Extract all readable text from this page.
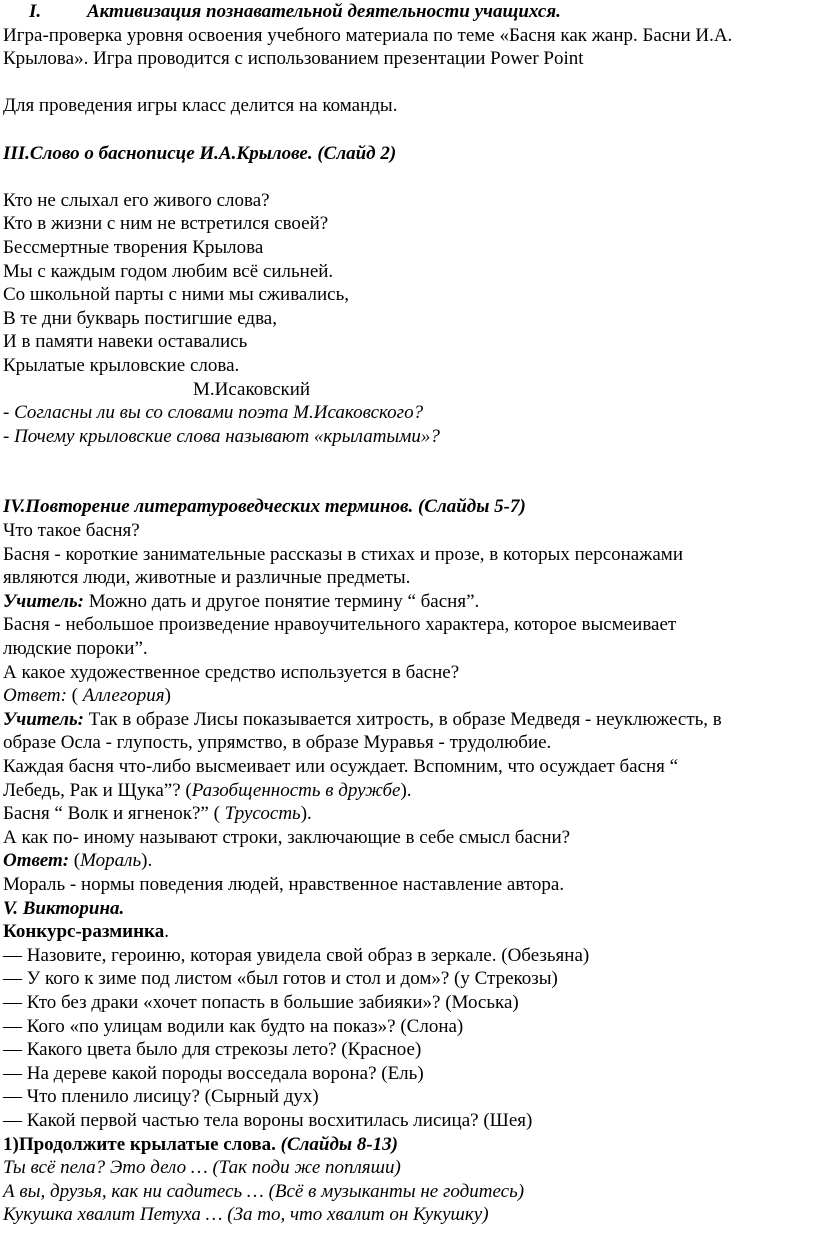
I. Активизация познавательной деятельности учащихся.
Игра-проверка уровня освоения учебного материала по теме «Басня как жанр. Басни И.А.
Крылова». Игра проводится с использованием презентации Power Point
Для проведения игры класс делится на команды.
III.Слово о баснописце И.А.Крылове. (Слайд 2)
Кто не слыхал его живого слова?
Кто в жизни с ним не встретился своей?
Бессмертные творения Крылова
Мы с каждым годом любим всё сильней.
Со школьной парты с ними мы сживались,
В те дни букварь постигшие едва,
И в памяти навеки оставались
Крылатые крыловские слова.
М.Исаковский
- Согласны ли вы со словами поэта М.Исаковского?
- Почему крыловские слова называют «крылатыми»?
IV.Повторение литературоведческих терминов. (Слайды 5-7)
Что такое басня?
Басня - короткие занимательные рассказы в стихах и прозе, в которых персонажами
являются люди, животные и различные предметы.
Учитель: Можно дать и другое понятие термину “ басня”.
Басня - небольшое произведение нравоучительного характера, которое высмеивает
людские пороки”.
А какое художественное средство используется в басне?
Ответ: ( Аллегория)
Учитель: Так в образе Лисы показывается хитрость, в образе Медведя - неуклюжесть, в
образе Осла - глупость, упрямство, в образе Муравья - трудолюбие.
Каждая басня что-либо высмеивает или осуждает. Вспомним, что осуждает басня “
Лебедь, Рак и Щука”? (Разобщенность в дружбе).
Басня “ Волк и ягненок?” ( Трусость).
А как по- иному называют строки, заключающие в себе смысл басни?
Ответ: (Мораль).
Мораль - нормы поведения людей, нравственное наставление автора.
V. Викторина.
Конкурс-разминка.
— Назовите, героиню, которая увидела свой образ в зеркале. (Обезьяна)
— У кого к зиме под листом «был готов и стол и дом»? (у Стрекозы)
— Кто без драки «хочет попасть в большие забияки»? (Моська)
— Кого «по улицам водили как будто на показ»? (Слона)
— Какого цвета было для стрекозы лето? (Красное)
— На дереве какой породы восседала ворона? (Ель)
— Что пленило лисицу? (Сырный дух)
— Какой первой частью тела вороны восхитилась лисица? (Шея)
1)Продолжите крылатые слова. (Слайды 8-13)
Ты всё пела? Это дело … (Так поди же попляши)
А вы, друзья, как ни садитесь … (Всё в музыканты не годитесь)
Кукушка хвалит Петуха … (За то, что хвалит он Кукушку)
